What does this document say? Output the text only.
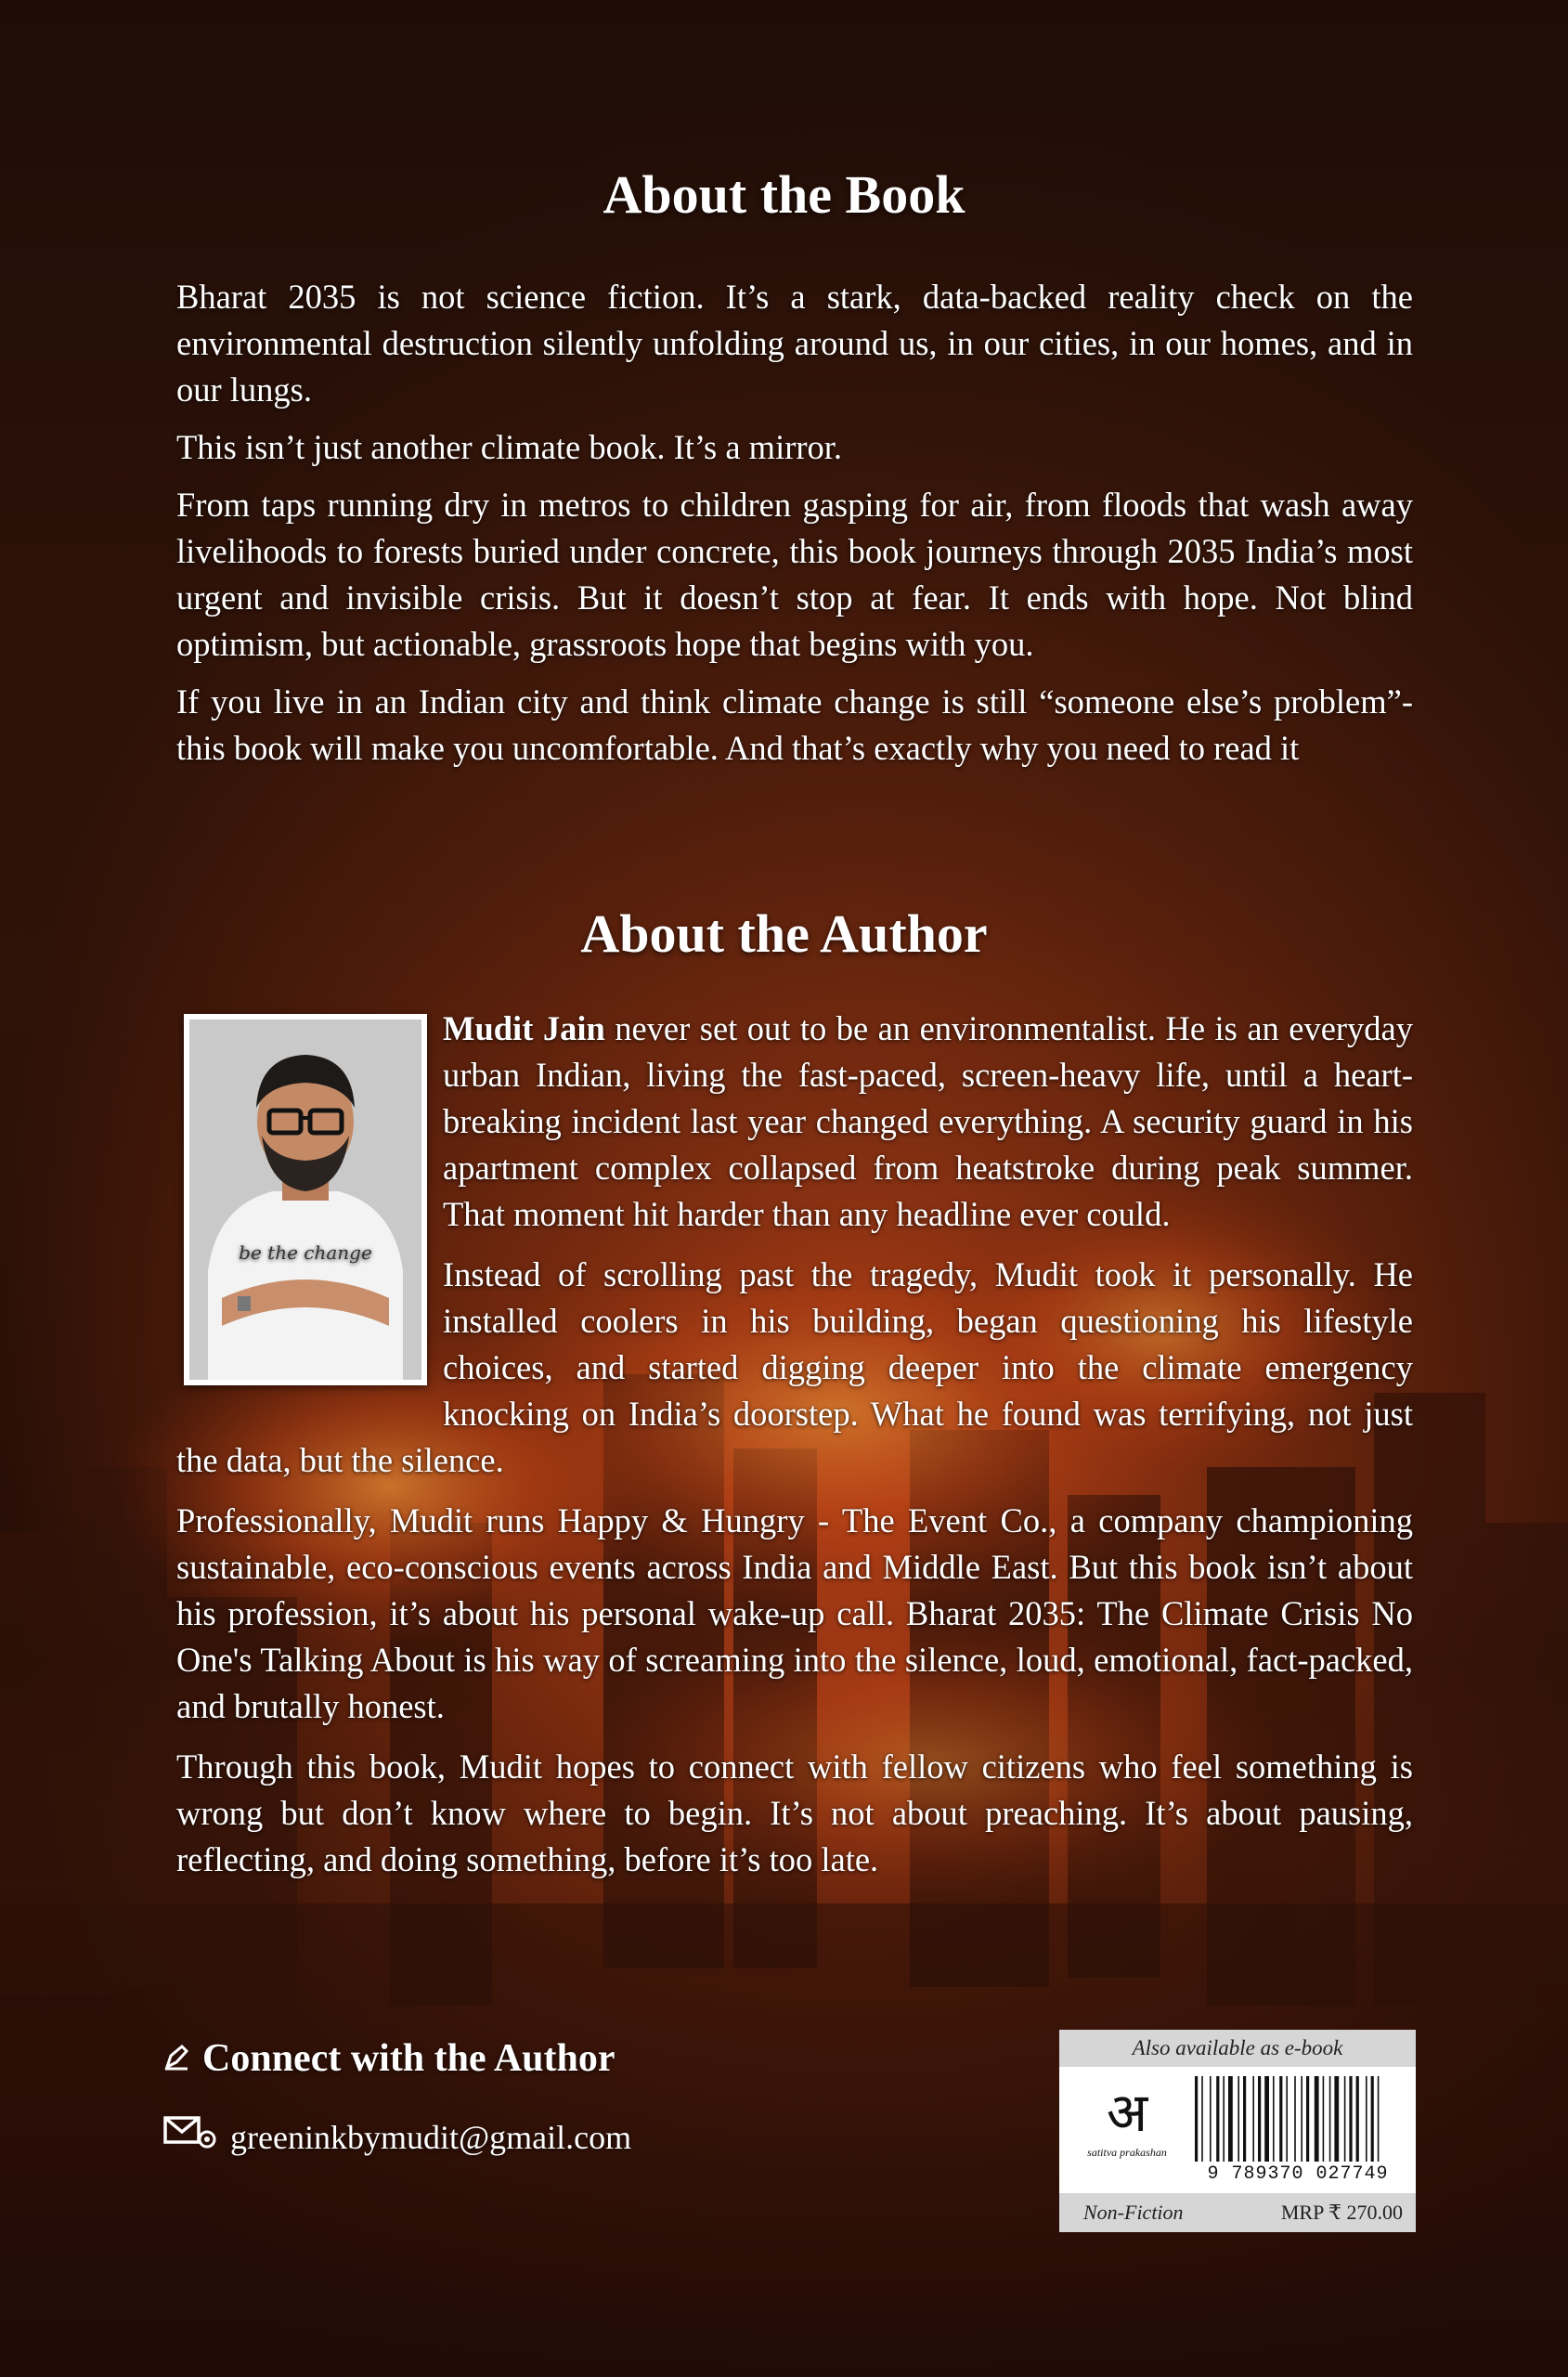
About the Book

Bharat 2035 is not science fiction. It’s a stark, data-backed reality check on the environmental destruction silently unfolding around us, in our cities, in our homes, and in our lungs.

This isn’t just another climate book. It’s a mirror.

From taps running dry in metros to children gasping for air, from floods that wash away livelihoods to forests buried under concrete, this book journeys through 2035 India’s most urgent and invisible crisis. But it doesn’t stop at fear. It ends with hope. Not blind optimism, but actionable, grassroots hope that begins with you.

If you live in an Indian city and think climate change is still “someone else’s problem”- this book will make you uncomfortable. And that’s exactly why you need to read it

About the Author
be the change

Mudit Jain never set out to be an environmentalist. He is an everyday urban Indian, living the fast-paced, screen-heavy life, until a heart-breaking incident last year changed everything. A security guard in his apartment complex collapsed from heatstroke during peak summer. That moment hit harder than any headline ever could.

Instead of scrolling past the tragedy, Mudit took it personally. He installed coolers in his building, began questioning his lifestyle choices, and started digging deeper into the climate emergency knocking on India’s doorstep. What he found was terrifying, not just the data, but the silence.

Professionally, Mudit runs Happy & Hungry - The Event Co., a company championing sustainable, eco-conscious events across India and Middle East. But this book isn’t about his profession, it’s about his personal wake-up call. Bharat 2035: The Climate Crisis No One's Talking About is his way of screaming into the silence, loud, emotional, fact-packed, and brutally honest.

Through this book, Mudit hopes to connect with fellow citizens who feel something is wrong but don’t know where to begin. It’s not about preaching. It’s about pausing, reflecting, and doing something, before it’s too late.

Connect with the Author
greeninkbymudit@gmail.com
Also available as e-book
अ
satitva prakashan
9 789370 027749
Non-Fiction	MRP ₹ 270.00
